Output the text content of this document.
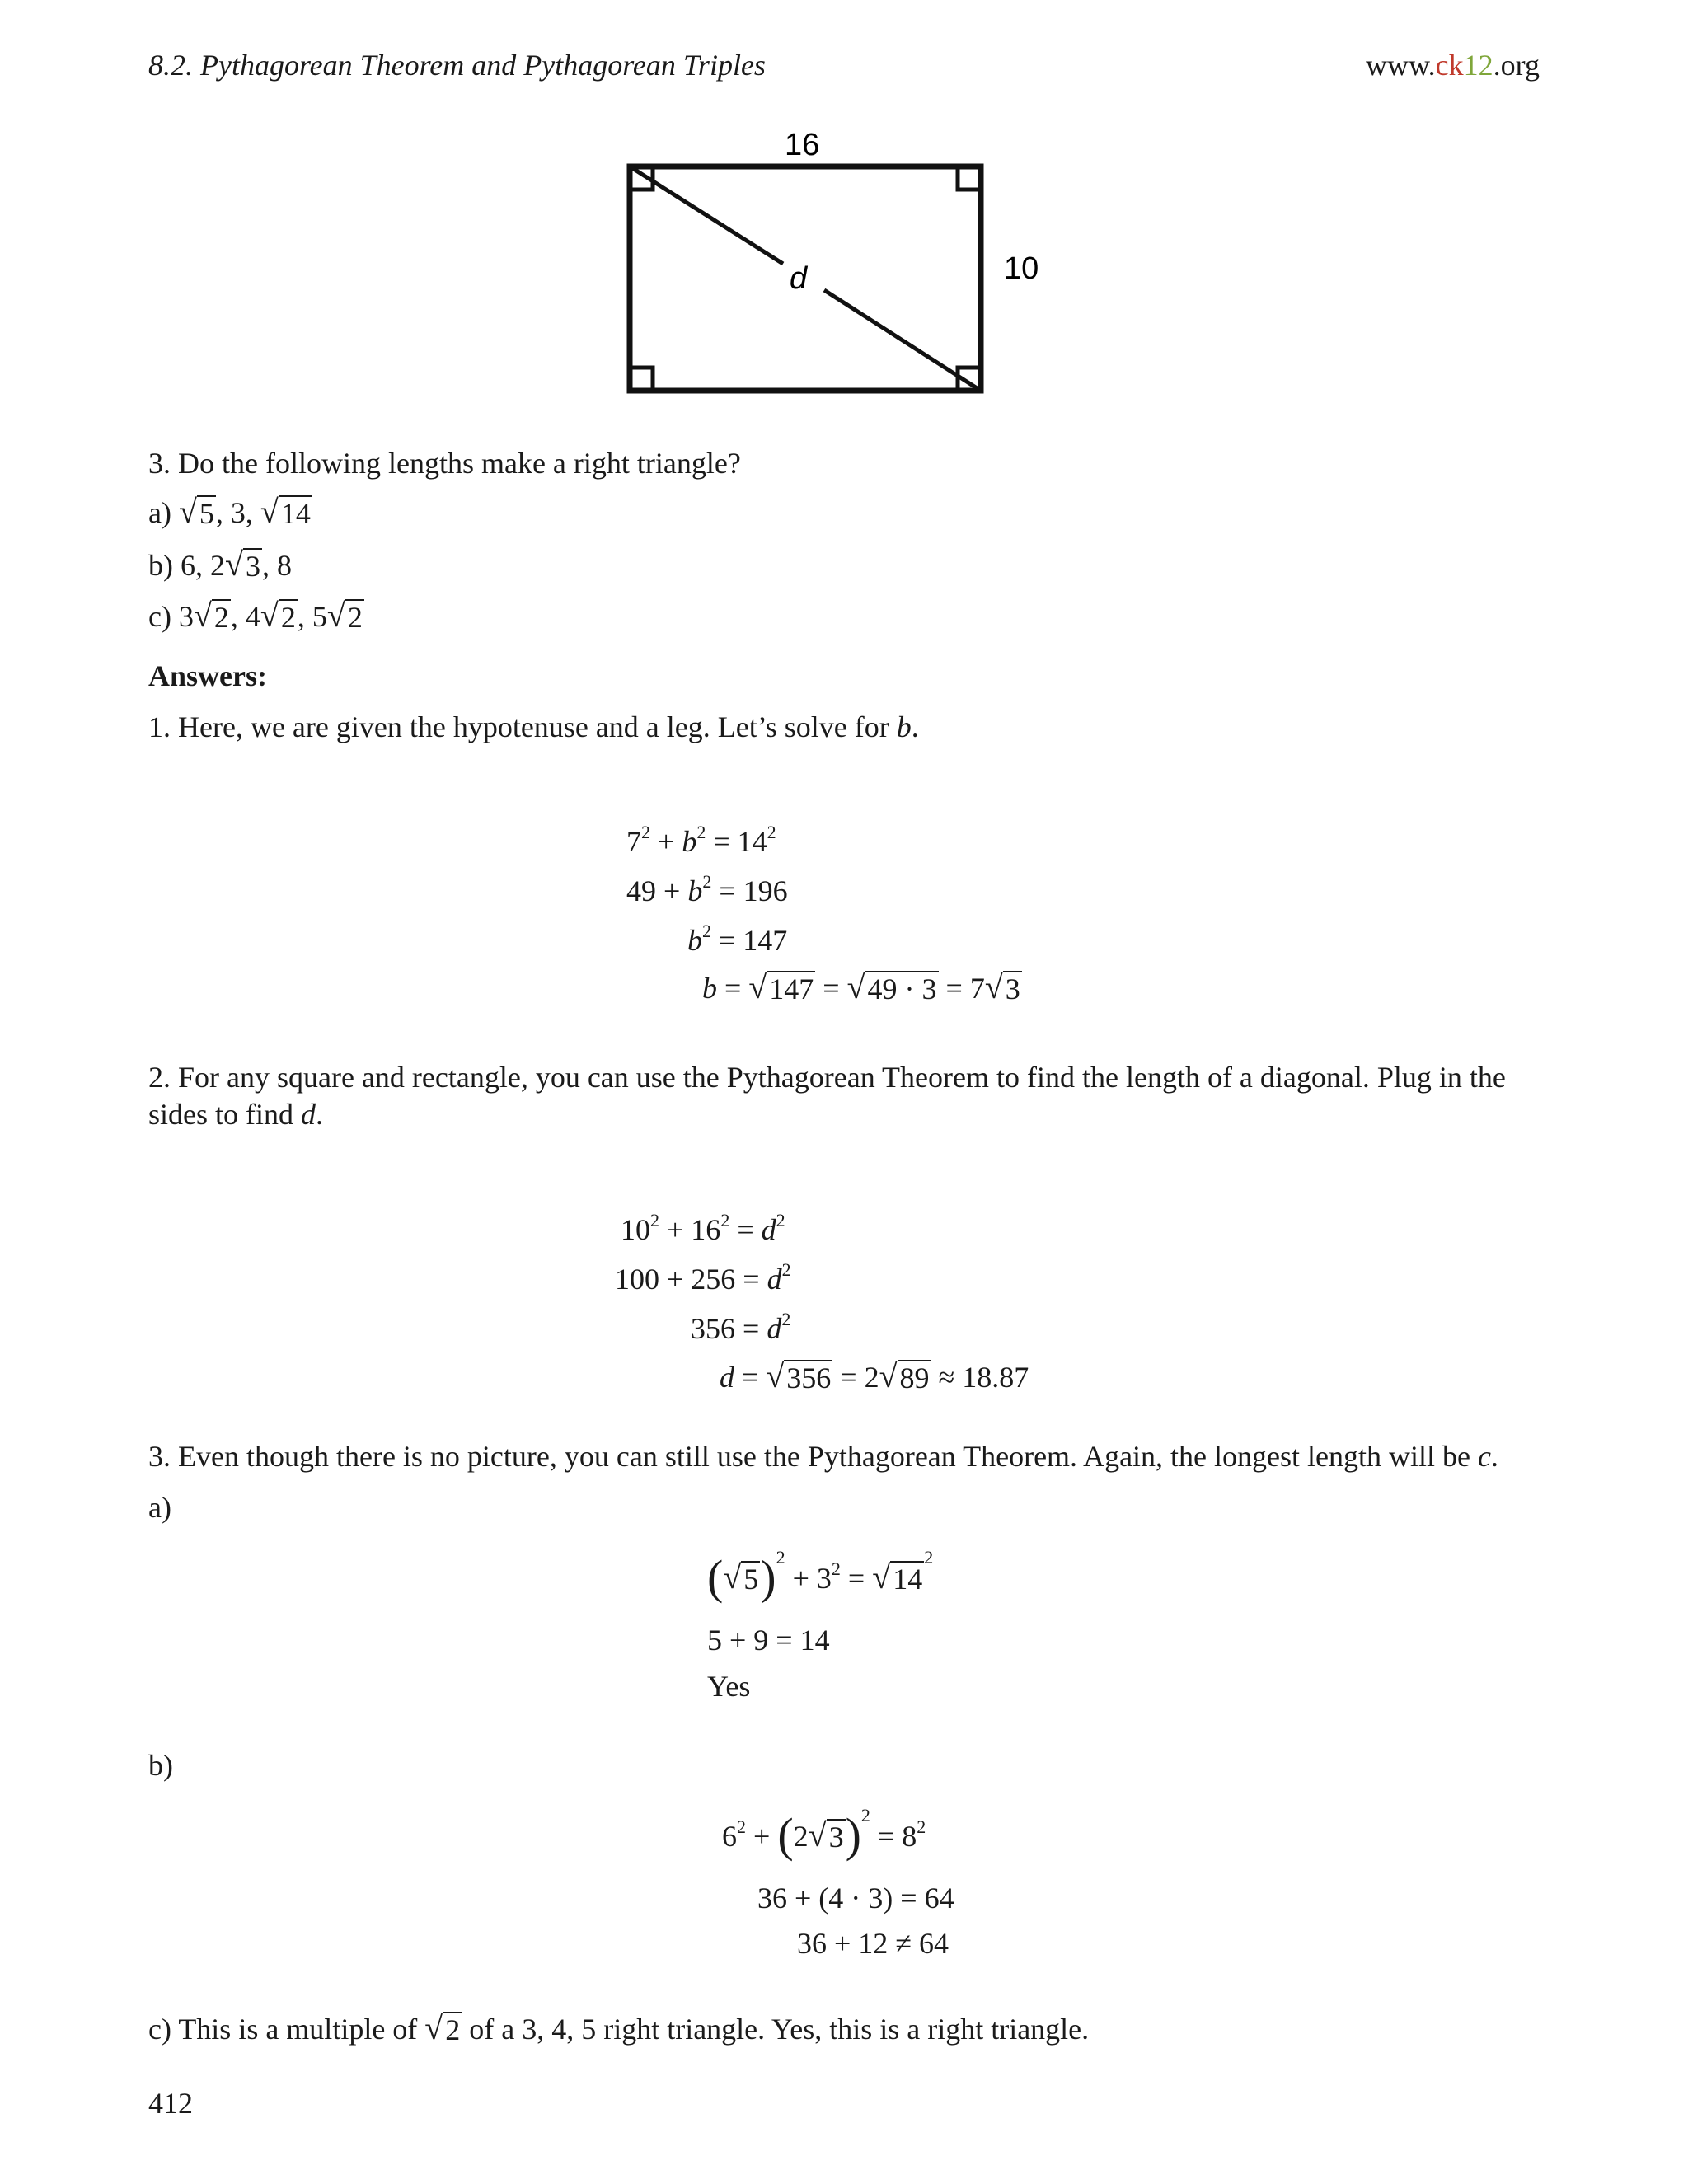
8.2. Pythagorean Theorem and Pythagorean Triples	www.ck12.org
16
10
d
3. Do the following lengths make a right triangle?
a) √ 5 , 3, √ 14
b) 6, 2 √ 3 , 8
c) 3 √ 2 , 4 √ 2 , 5 √ 2
Answers:
1. Here, we are given the hypotenuse and a leg. Let’s solve for b.
$7^2 + b^2 = 14^2$
$49 + b^2 = 196$
$b^2 = 147$
b = √ 147 = √ 49 · 3 = 7 √ 3
2. For any square and rectangle, you can use the Pythagorean Theorem to find the length of a diagonal. Plug in the
sides to find d.
$10^2 + 16^2 = d^2$
$100 + 256 = d^2$
$356 = d^2$
d = √ 356 = 2 √ 89 ≈ 18.87
3. Even though there is no picture, you can still use the Pythagorean Theorem. Again, the longest length will be c.
a)
( √ 5 )$^2 + 3^2$ = √ 14
$^2$
5 + 9 = 14
Yes
b)
$6^2 + (2$ √ 3 )$^2 = 8^2$
36 + (4 · 3) = 64
36 + 12 ≠ 64
c) This is a multiple of √ 2 of a 3, 4, 5 right triangle. Yes, this is a right triangle.
412
